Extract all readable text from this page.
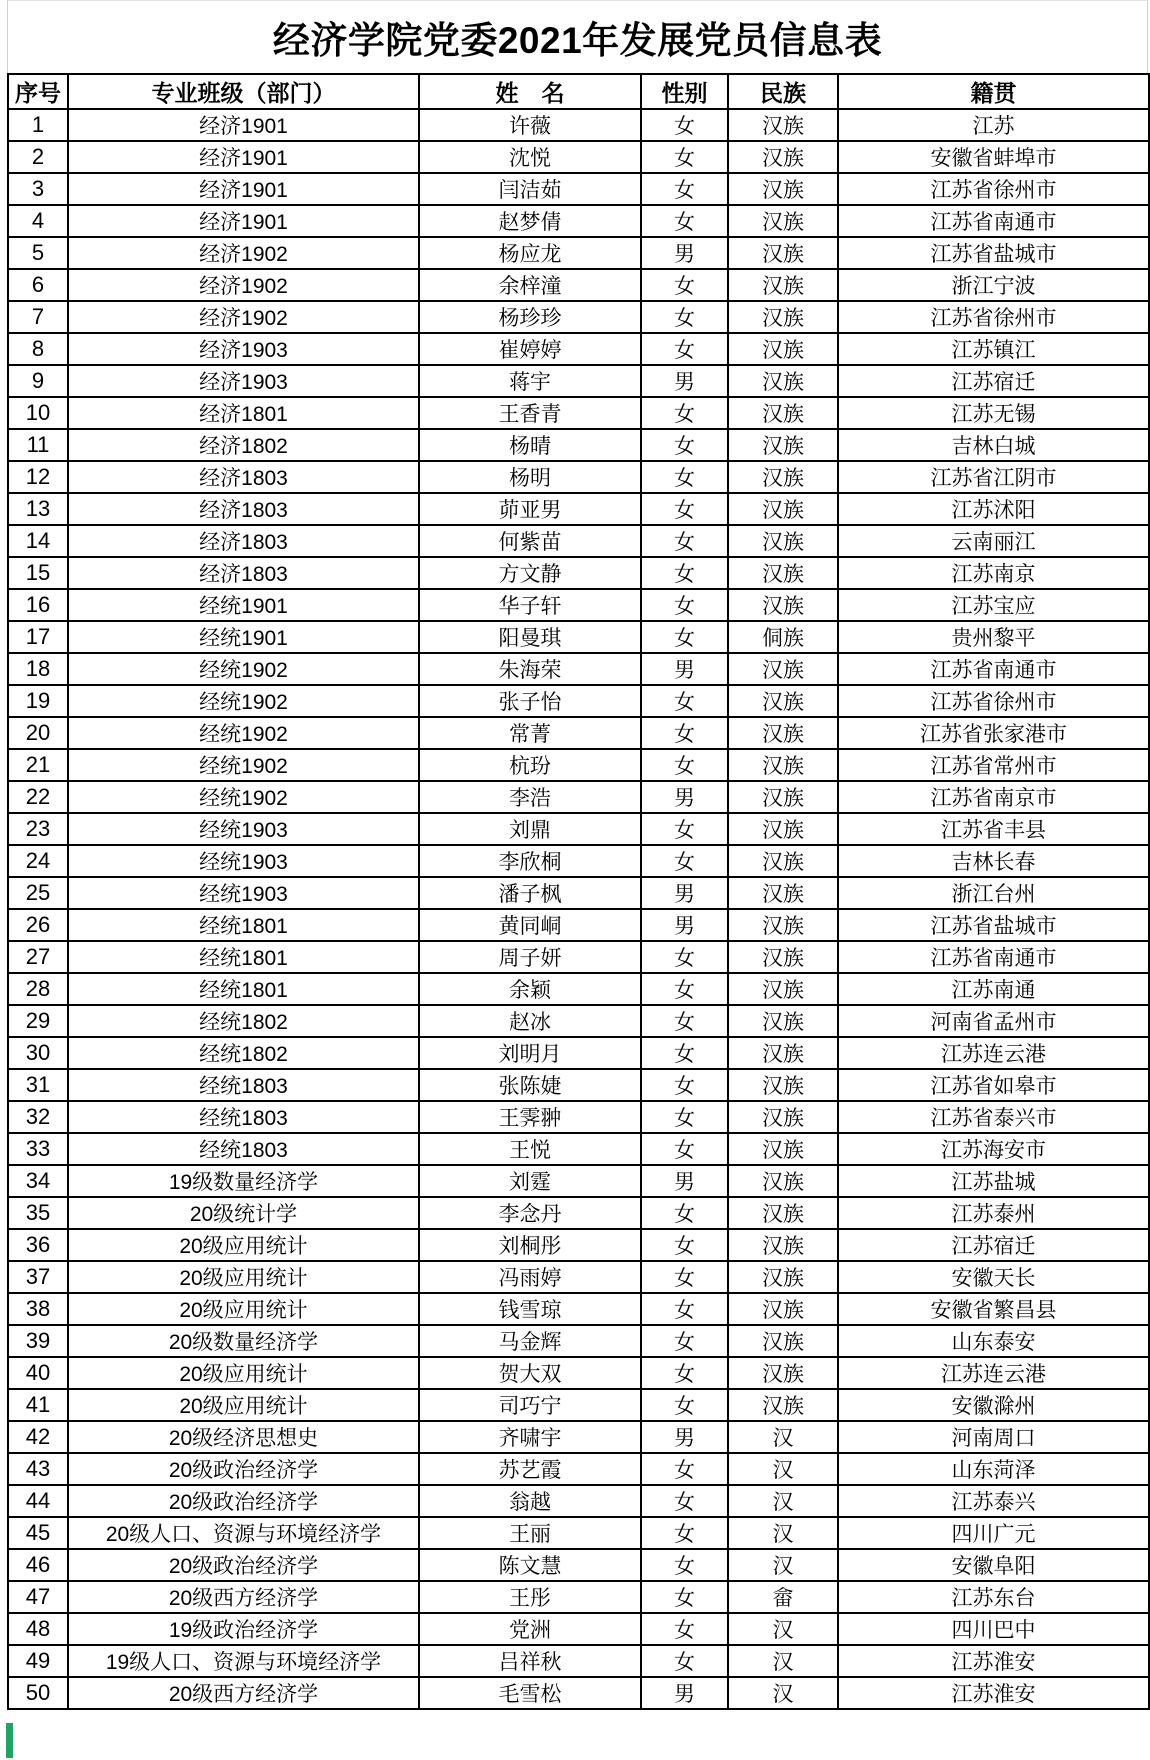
经济学院党委2021年发展党员信息表
序号	专业班级（部门）	姓　名	性别	民族	籍贯
1	经济1901	许薇	女	汉族	江苏
2	经济1901	沈悦	女	汉族	安徽省蚌埠市
3	经济1901	闫洁茹	女	汉族	江苏省徐州市
4	经济1901	赵梦倩	女	汉族	江苏省南通市
5	经济1902	杨应龙	男	汉族	江苏省盐城市
6	经济1902	余梓潼	女	汉族	浙江宁波
7	经济1902	杨珍珍	女	汉族	江苏省徐州市
8	经济1903	崔婷婷	女	汉族	江苏镇江
9	经济1903	蒋宇	男	汉族	江苏宿迁
10	经济1801	王香青	女	汉族	江苏无锡
11	经济1802	杨晴	女	汉族	吉林白城
12	经济1803	杨明	女	汉族	江苏省江阴市
13	经济1803	茆亚男	女	汉族	江苏沭阳
14	经济1803	何紫苗	女	汉族	云南丽江
15	经济1803	方文静	女	汉族	江苏南京
16	经统1901	华子轩	女	汉族	江苏宝应
17	经统1901	阳曼琪	女	侗族	贵州黎平
18	经统1902	朱海荣	男	汉族	江苏省南通市
19	经统1902	张子怡	女	汉族	江苏省徐州市
20	经统1902	常菁	女	汉族	江苏省张家港市
21	经统1902	杭玢	女	汉族	江苏省常州市
22	经统1902	李浩	男	汉族	江苏省南京市
23	经统1903	刘鼎	女	汉族	江苏省丰县
24	经统1903	李欣桐	女	汉族	吉林长春
25	经统1903	潘子枫	男	汉族	浙江台州
26	经统1801	黄同峒	男	汉族	江苏省盐城市
27	经统1801	周子妍	女	汉族	江苏省南通市
28	经统1801	余颖	女	汉族	江苏南通
29	经统1802	赵冰	女	汉族	河南省孟州市
30	经统1802	刘明月	女	汉族	江苏连云港
31	经统1803	张陈婕	女	汉族	江苏省如皋市
32	经统1803	王霁翀	女	汉族	江苏省泰兴市
33	经统1803	王悦	女	汉族	江苏海安市
34	19级数量经济学	刘霆	男	汉族	江苏盐城
35	20级统计学	李念丹	女	汉族	江苏泰州
36	20级应用统计	刘桐彤	女	汉族	江苏宿迁
37	20级应用统计	冯雨婷	女	汉族	安徽天长
38	20级应用统计	钱雪琼	女	汉族	安徽省繁昌县
39	20级数量经济学	马金辉	女	汉族	山东泰安
40	20级应用统计	贺大双	女	汉族	江苏连云港
41	20级应用统计	司巧宁	女	汉族	安徽滁州
42	20级经济思想史	齐啸宇	男	汉	河南周口
43	20级政治经济学	苏艺霞	女	汉	山东菏泽
44	20级政治经济学	翁越	女	汉	江苏泰兴
45	20级人口、资源与环境经济学	王丽	女	汉	四川广元
46	20级政治经济学	陈文慧	女	汉	安徽阜阳
47	20级西方经济学	王彤	女	畲	江苏东台
48	19级政治经济学	党洲	女	汉	四川巴中
49	19级人口、资源与环境经济学	吕祥秋	女	汉	江苏淮安
50	20级西方经济学	毛雪松	男	汉	江苏淮安
